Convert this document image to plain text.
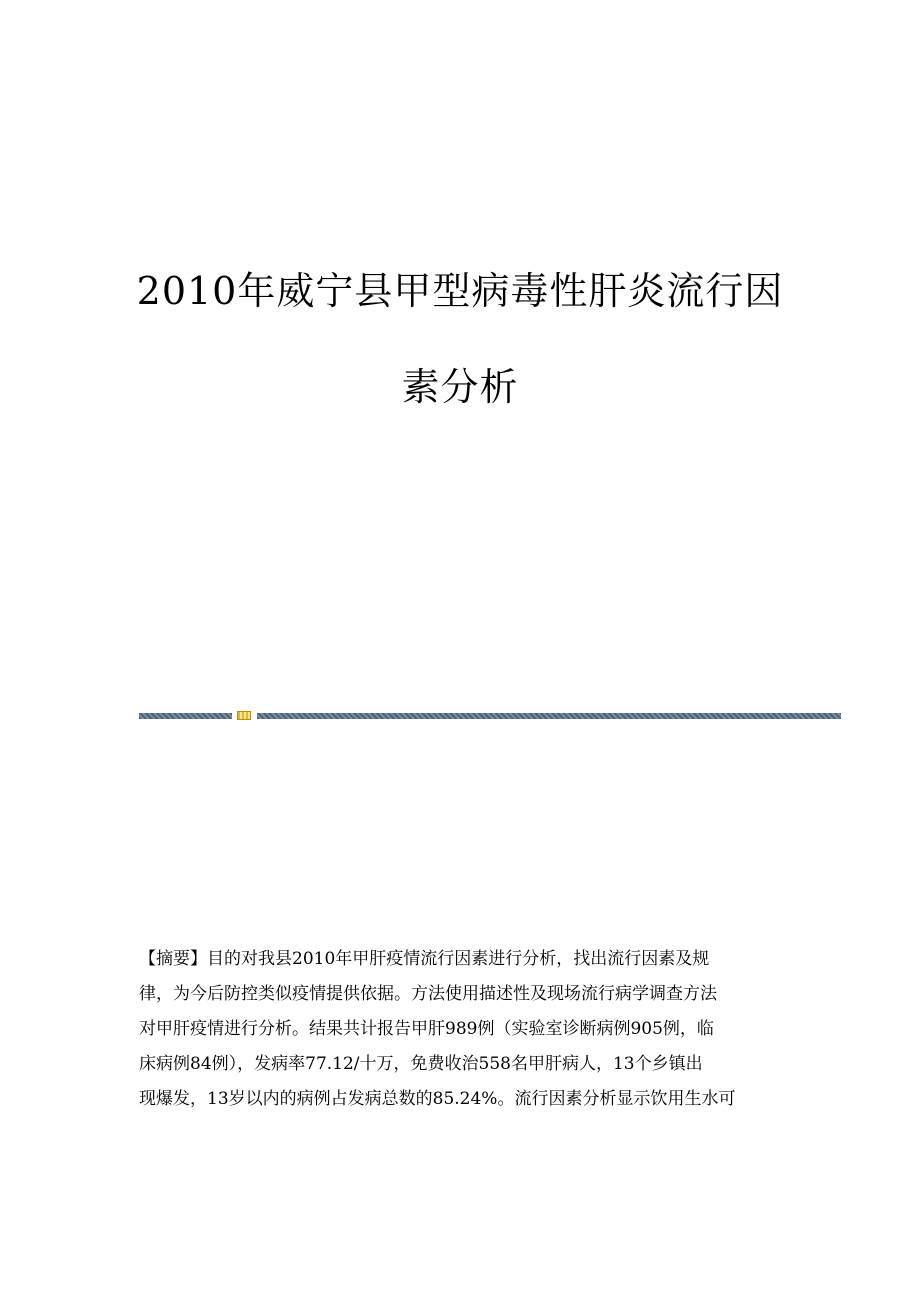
2010年威宁县甲型病毒性肝炎流行因
素分析
【摘要】目的对我县2010年甲肝疫情流行因素进行分析，找出流行因素及规
律，为今后防控类似疫情提供依据。方法使用描述性及现场流行病学调查方法
对甲肝疫情进行分析。结果共计报告甲肝989例（实验室诊断病例905例，临
床病例84例），发病率77.12/十万，免费收治558名甲肝病人，13个乡镇出
现爆发，13岁以内的病例占发病总数的85.24%。流行因素分析显示饮用生水可
